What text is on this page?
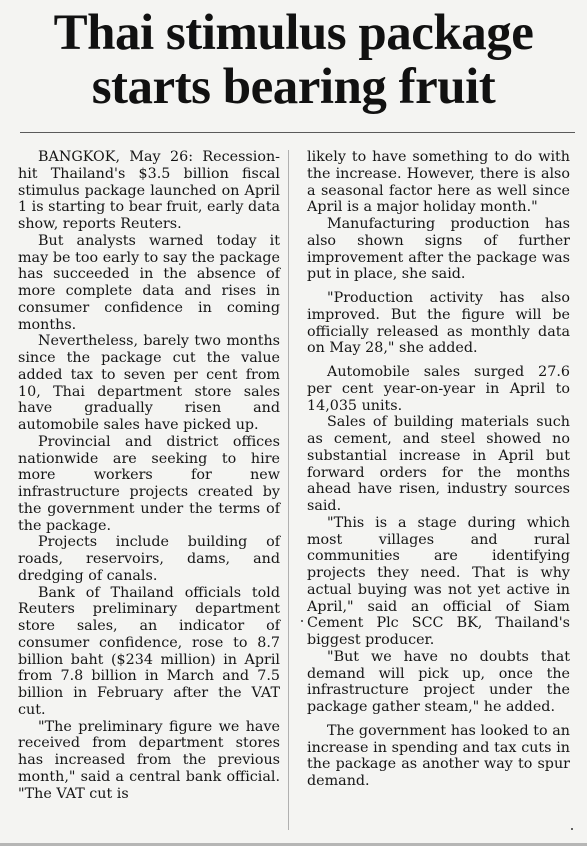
Thai stimulus package
starts bearing fruit

BANGKOK, May 26: Recession-hit Thailand's $3.5 billion fiscal stimulus package launched on April 1 is starting to bear fruit, early data show, reports Reuters.

But analysts warned today it may be too early to say the package has succeeded in the absence of more complete data and rises in consumer confidence in coming months.

Nevertheless, barely two months since the package cut the value added tax to seven per cent from 10, Thai department store sales have gradually risen and automobile sales have picked up.

Provincial and district offices nationwide are seeking to hire more workers for new infrastructure projects created by the government under the terms of the package.

Projects include building of roads, reservoirs, dams, and dredging of canals.

Bank of Thailand officials told Reuters preliminary department store sales, an indicator of consumer confidence, rose to 8.7 billion baht ($234 million) in April from 7.8 billion in March and 7.5 billion in February after the VAT cut.

"The preliminary figure we have received from department stores has increased from the previous month," said a central bank official. "The VAT cut is

likely to have something to do with the increase. However, there is also a seasonal factor here as well since April is a major holiday month."

Manufacturing production has also shown signs of further improvement after the package was put in place, she said.

"Production activity has also improved. But the figure will be officially released as monthly data on May 28," she added.

Automobile sales surged 27.6 per cent year-on-year in April to 14,035 units.

Sales of building materials such as cement, and steel showed no substantial increase in April but forward orders for the months ahead have risen, industry sources said.

"This is a stage during which most villages and rural communities are identifying projects they need. That is why actual buying was not yet active in April," said an official of Siam Cement Plc SCC BK, Thailand's biggest producer.

"But we have no doubts that demand will pick up, once the infrastructure project under the package gather steam," he added.

The government has looked to an increase in spending and tax cuts in the package as another way to spur demand.
